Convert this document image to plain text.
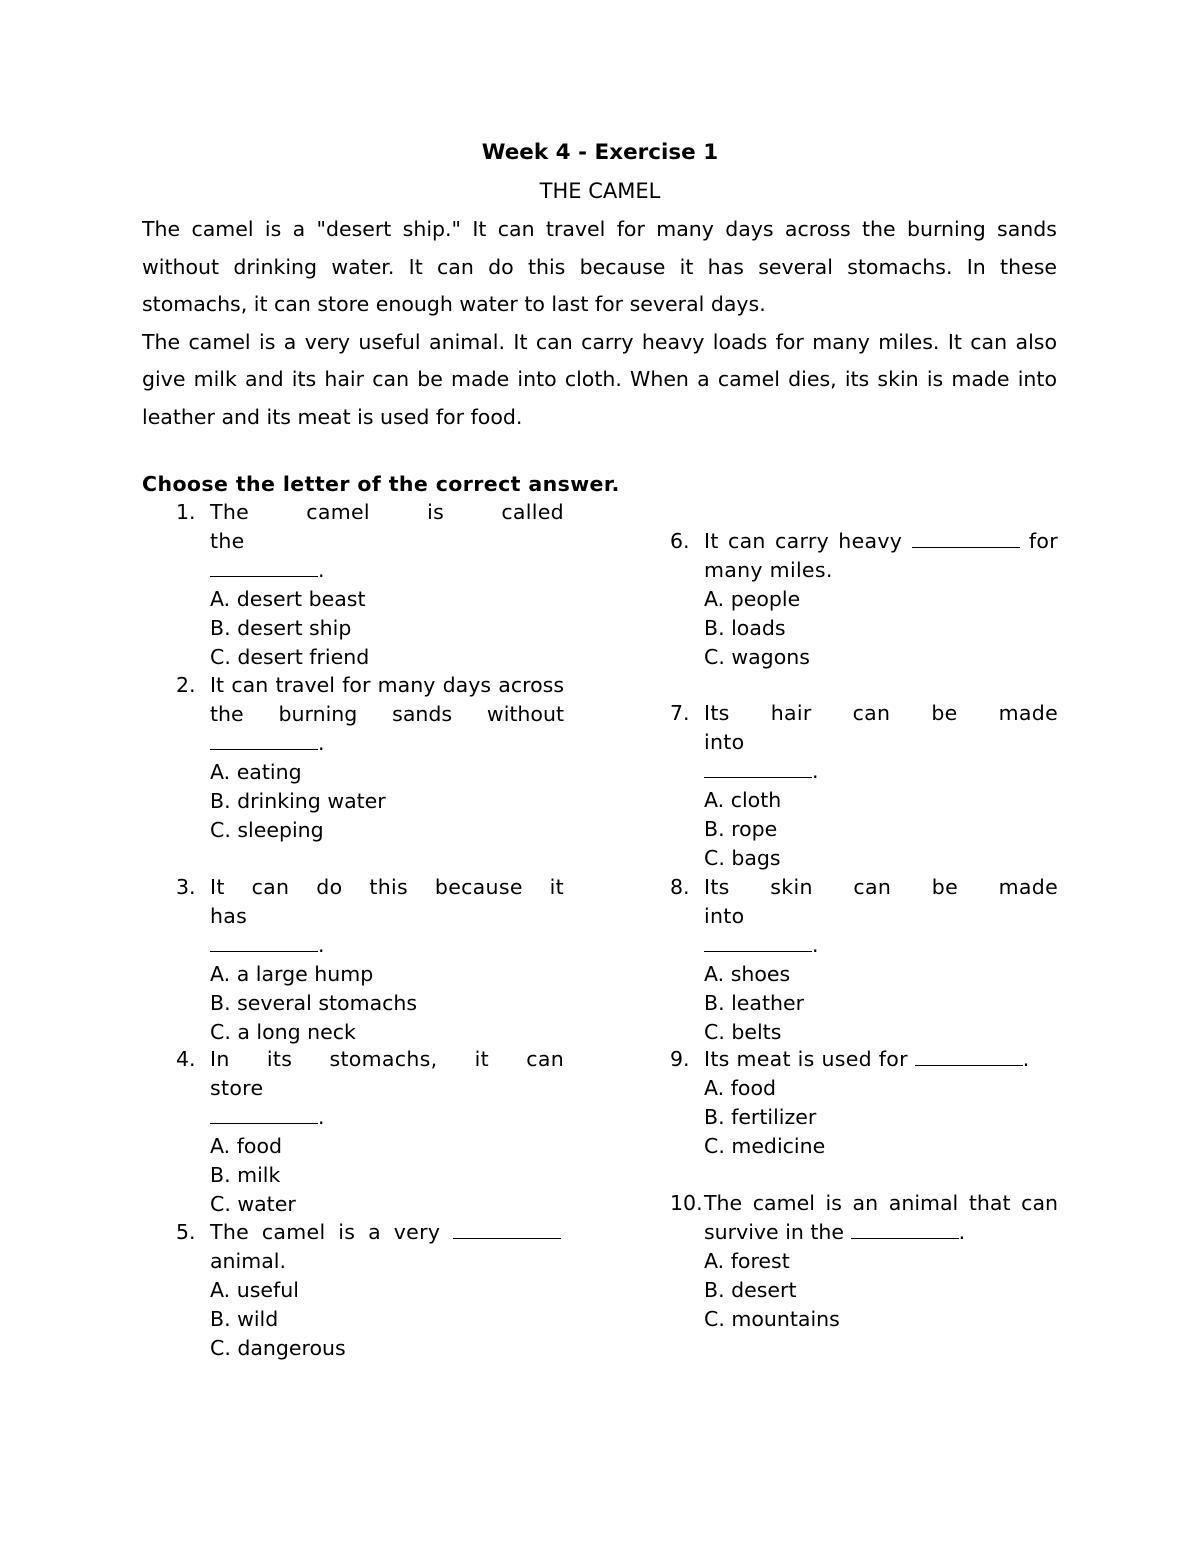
Week 4 - Exercise 1
THE CAMEL

The camel is a "desert ship." It can travel for many days across the burning sands without drinking water. It can do this because it has several stomachs. In these stomachs, it can store enough water to last for several days.

The camel is a very useful animal. It can carry heavy loads for many miles. It can also give milk and its hair can be made into cloth. When a camel dies, its skin is made into leather and its meat is used for food.

Choose the letter of the correct answer.
1. The camel is called the
.
A. desert beast
B. desert ship
C. desert friend
2. It can travel for many days across the burning sands without .
A. eating
B. drinking water
C. sleeping
3. It can do this because it has
.
A. a large hump
B. several stomachs
C. a long neck
4. In its stomachs, it can store
.
A. food
B. milk
C. water
5. The camel is a very
animal.
A. useful
B. wild
C. dangerous
6. It can carry heavy	for many miles.
A. people
B. loads
C. wagons
7. Its hair can be made into
.
A. cloth
B. rope
C. bags
8. Its skin can be made into
.
A. shoes
B. leather
C. belts
9. Its meat is used for	.
A. food
B. fertilizer
C. medicine
10. The camel is an animal that can survive in the	.
A. forest
B. desert
C. mountains
